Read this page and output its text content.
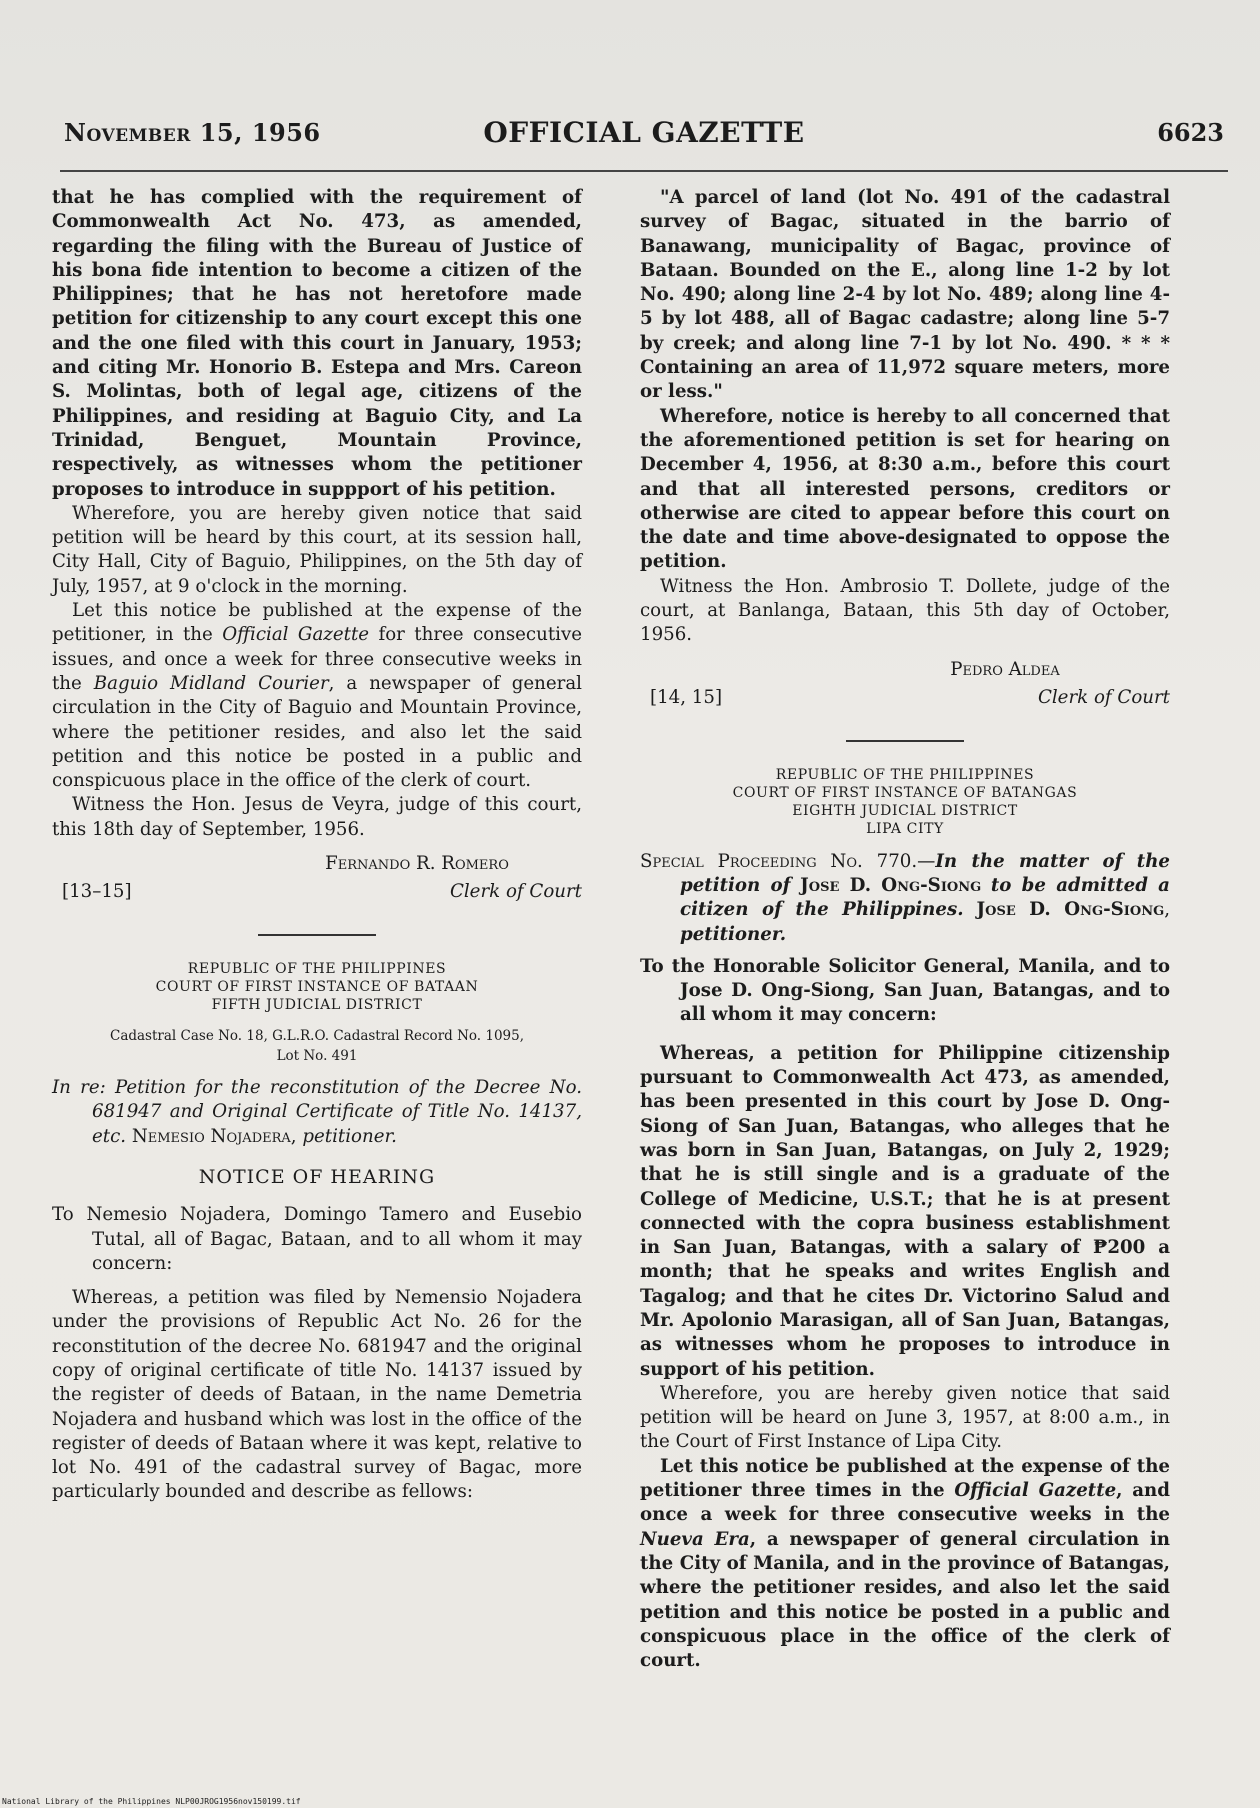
November 15, 1956	OFFICIAL GAZETTE	6623

that he has complied with the requirement of Commonwealth Act No. 473, as amended, regarding the filing with the Bureau of Justice of his bona fide intention to become a citizen of the Philippines; that he has not heretofore made petition for citizenship to any court except this one and the one filed with this court in January, 1953; and citing Mr. Honorio B. Estepa and Mrs. Careon S. Molintas, both of legal age, citizens of the Philippines, and residing at Baguio City, and La Trinidad, Benguet, Mountain Province, respectively, as witnesses whom the petitioner proposes to introduce in suppport of his petition.

Wherefore, you are hereby given notice that said petition will be heard by this court, at its session hall, City Hall, City of Baguio, Philippines, on the 5th day of July, 1957, at 9 o'clock in the morning.

Let this notice be published at the expense of the petitioner, in the Official Gazette for three consecutive issues, and once a week for three consecutive weeks in the Baguio Midland Courier, a newspaper of general circulation in the City of Baguio and Mountain Province, where the petitioner resides, and also let the said petition and this notice be posted in a public and conspicuous place in the office of the clerk of court.

Witness the Hon. Jesus de Veyra, judge of this court, this 18th day of September, 1956.

Fernando R. Romero
[13–15]	Clerk of Court
REPUBLIC OF THE PHILIPPINES
COURT OF FIRST INSTANCE OF BATAAN
FIFTH JUDICIAL DISTRICT
Cadastral Case No. 18, G.L.R.O. Cadastral Record No. 1095,
Lot No. 491

In re: Petition for the reconstitution of the Decree No. 681947 and Original Certificate of Title No. 14137, etc. Nemesio Nojadera, petitioner.

NOTICE OF HEARING

To Nemesio Nojadera, Domingo Tamero and Eusebio Tutal, all of Bagac, Bataan, and to all whom it may concern:

Whereas, a petition was filed by Nemensio Nojadera under the provisions of Republic Act No. 26 for the reconstitution of the decree No. 681947 and the original copy of original certificate of title No. 14137 issued by the register of deeds of Bataan, in the name Demetria Nojadera and husband which was lost in the office of the register of deeds of Bataan where it was kept, relative to lot No. 491 of the cadastral survey of Bagac, more particularly bounded and describe as fellows:

"A parcel of land (lot No. 491 of the cadastral survey of Bagac, situated in the barrio of Banawang, municipality of Bagac, province of Bataan. Bounded on the E., along line 1-2 by lot No. 490; along line 2-4 by lot No. 489; along line 4-5 by lot 488, all of Bagac cadastre; along line 5-7 by creek; and along line 7-1 by lot No. 490. * * * Containing an area of 11,972 square meters, more or less."

Wherefore, notice is hereby to all concerned that the aforementioned petition is set for hearing on December 4, 1956, at 8:30 a.m., before this court and that all interested persons, creditors or otherwise are cited to appear before this court on the date and time above-designated to oppose the petition.

Witness the Hon. Ambrosio T. Dollete, judge of the court, at Banlanga, Bataan, this 5th day of October, 1956.

Pedro Aldea
[14, 15]	Clerk of Court
REPUBLIC OF THE PHILIPPINES
COURT OF FIRST INSTANCE OF BATANGAS
EIGHTH JUDICIAL DISTRICT
LIPA CITY

Special Proceeding No. 770.—In the matter of the petition of Jose D. Ong-Siong to be admitted a citizen of the Philippines. Jose D. Ong-Siong, petitioner.

To the Honorable Solicitor General, Manila, and to Jose D. Ong-Siong, San Juan, Batangas, and to all whom it may concern:

Whereas, a petition for Philippine citizenship pursuant to Commonwealth Act 473, as amended, has been presented in this court by Jose D. Ong-Siong of San Juan, Batangas, who alleges that he was born in San Juan, Batangas, on July 2, 1929; that he is still single and is a graduate of the College of Medicine, U.S.T.; that he is at present connected with the copra business establishment in San Juan, Batangas, with a salary of ₱200 a month; that he speaks and writes English and Tagalog; and that he cites Dr. Victorino Salud and Mr. Apolonio Marasigan, all of San Juan, Batangas, as witnesses whom he proposes to introduce in support of his petition.

Wherefore, you are hereby given notice that said petition will be heard on June 3, 1957, at 8:00 a.m., in the Court of First Instance of Lipa City.

Let this notice be published at the expense of the petitioner three times in the Official Gazette, and once a week for three consecutive weeks in the Nueva Era, a newspaper of general circulation in the City of Manila, and in the province of Batangas, where the petitioner resides, and also let the said petition and this notice be posted in a public and conspicuous place in the office of the clerk of court.

National Library of the Philippines NLP00JROG1956nov150199.tif
